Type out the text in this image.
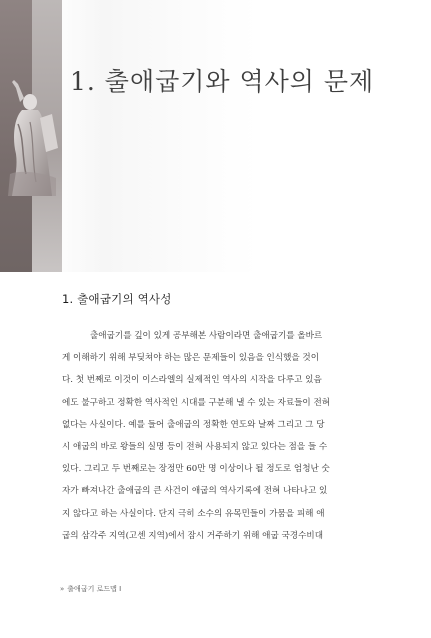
1. 출애굽기와 역사의 문제
1. 출애굽기의 역사성
출애굽기를 깊이 있게 공부해본 사람이라면 출애굽기를 올바르
게 이해하기 위해 부딪쳐야 하는 많은 문제들이 있음을 인식했을 것이
다. 첫 번째로 이것이 이스라엘의 실제적인 역사의 시작을 다루고 있음
에도 불구하고 정확한 역사적인 시대를 구분해 낼 수 있는 자료들이 전혀
없다는 사실이다. 예를 들어 출애굽의 정확한 연도와 날짜 그리고 그 당
시 애굽의 바로 왕들의 실명 등이 전혀 사용되지 않고 있다는 점을 들 수
있다. 그리고 두 번째로는 장정만 60만 명 이상이나 될 정도로 엄청난 숫
자가 빠져나간 출애굽의 큰 사건이 애굽의 역사기록에 전혀 나타나고 있
지 않다고 하는 사실이다. 단지 극히 소수의 유목민들이 가뭄을 피해 애
굽의 삼각주 지역(고센 지역)에서 잠시 거주하기 위해 애굽 국경수비대
» 출애굽기 로드맵 I
